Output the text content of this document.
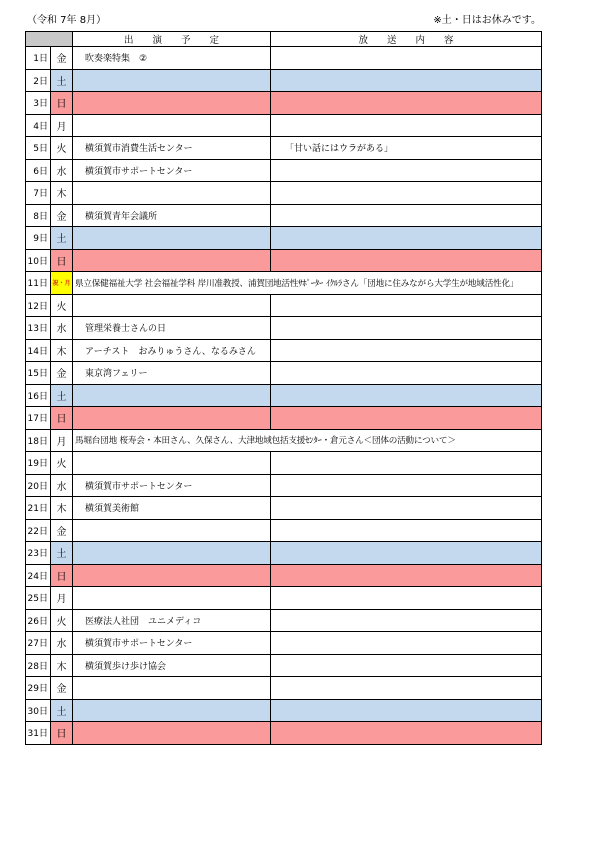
（令和 7年 8月）	※土・日はお休みです。
		出　　演　　予　　定	放　　送　　内　　容
1日	金	吹奏楽特集　②	
2日	土		
3日	日		
4日	月		
5日	火	横須賀市消費生活センター	「甘い話にはウラがある」
6日	水	横須賀市サポートセンター	
7日	木		
8日	金	横須賀青年会議所	
9日	土		
10日	日		
11日	祝・月	県立保健福祉大学 社会福祉学科 岸川准教授、浦賀団地活性ｻﾎﾟｰﾀｰ ｲｸﾙﾗさん「団地に住みながら大学生が地域活性化」	
12日	火		
13日	水	管理栄養士さんの日	
14日	木	アーチスト　おみりゅうさん、なるみさん	
15日	金	東京湾フェリー	
16日	土		
17日	日		
18日	月	馬堀台団地 桜寿会・本田さん、久保さん、大津地域包括支援ｾﾝﾀｰ・倉元さん＜団体の活動について＞	
19日	火		
20日	水	横須賀市サポートセンター	
21日	木	横須賀美術館	
22日	金		
23日	土		
24日	日		
25日	月		
26日	火	医療法人社団　ユニメディコ	
27日	水	横須賀市サポートセンター	
28日	木	横須賀歩け歩け協会	
29日	金		
30日	土		
31日	日		
